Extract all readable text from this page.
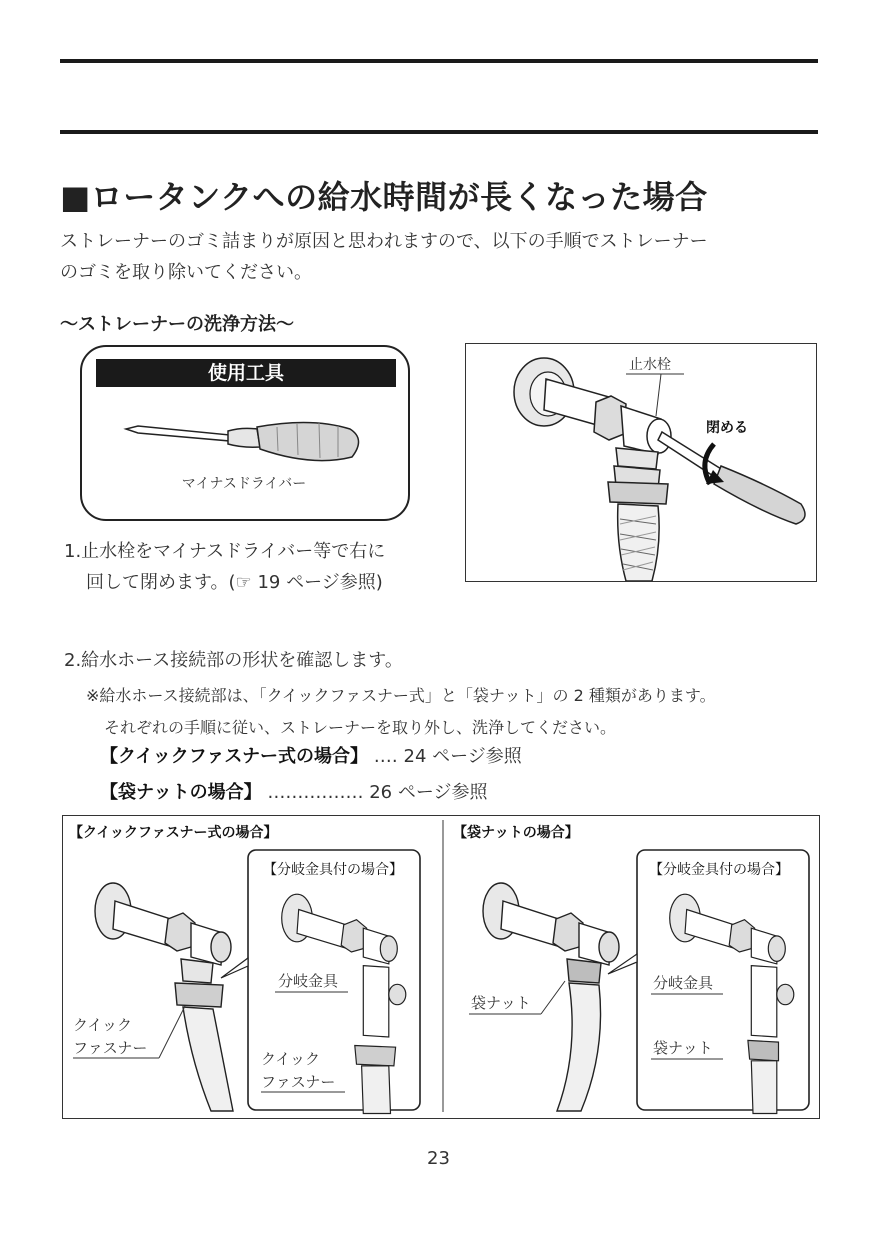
■ロータンクへの給水時間が長くなった場合
ストレーナーのゴミ詰まりが原因と思われますので、以下の手順でストレーナー
のゴミを取り除いてください。
〜ストレーナーの洗浄方法〜
使用工具
マイナスドライバー
1.止水栓をマイナスドライバー等で右に
回して閉めます。(☞ 19 ページ参照)
止水栓
閉める
2.給水ホース接続部の形状を確認します。
※給水ホース接続部は、「クイックファスナー式」と「袋ナット」の 2 種類があります。
それぞれの手順に従い、ストレーナーを取り外し、洗浄してください。
【クイックファスナー式の場合】 ‥‥ 24 ページ参照
【袋ナットの場合】 ‥‥‥‥‥‥‥‥ 26 ページ参照
【クイックファスナー式の場合】	【袋ナットの場合】
クイック
ファスナー
【分岐金具付の場合】
分岐金具
クイック
ファスナー
袋ナット
【分岐金具付の場合】
分岐金具
袋ナット
23
